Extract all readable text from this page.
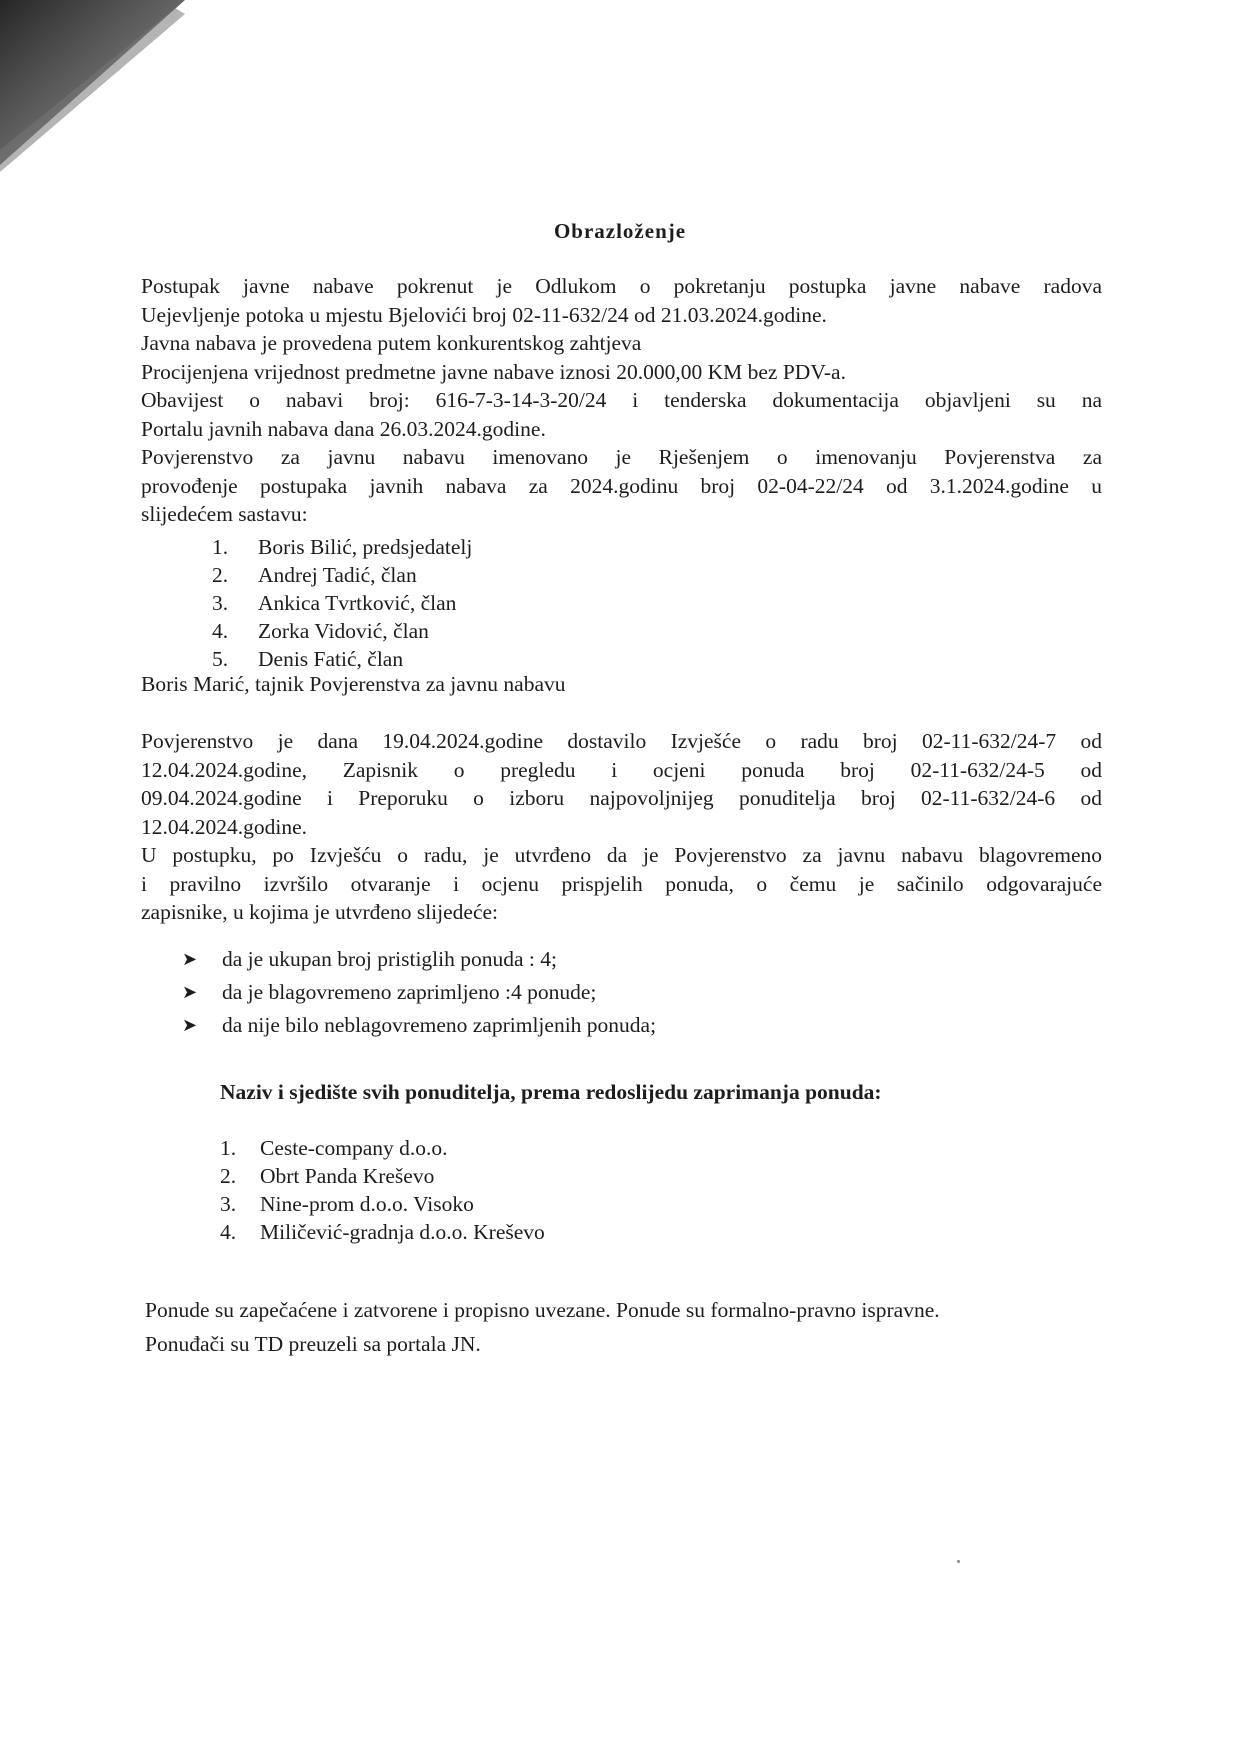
Obrazloženje
Postupak javne nabave pokrenut je Odlukom o pokretanju postupka javne nabave radova
Uejevljenje potoka u mjestu Bjelovići broj 02-11-632/24 od 21.03.2024.godine.
Javna nabava je provedena putem konkurentskog zahtjeva
Procijenjena vrijednost predmetne javne nabave iznosi 20.000,00 KM bez PDV-a.
Obavijest o nabavi broj: 616-7-3-14-3-20/24 i tenderska dokumentacija objavljeni su na
Portalu javnih nabava dana 26.03.2024.godine.
Povjerenstvo za javnu nabavu imenovano je Rješenjem o imenovanju Povjerenstva za
provođenje postupaka javnih nabava za 2024.godinu broj 02-04-22/24 od 3.1.2024.godine u
slijedećem sastavu:
1.	Boris Bilić, predsjedatelj
2.	Andrej Tadić, član
3.	Ankica Tvrtković, član
4.	Zorka Vidović, član
5.	Denis Fatić, član
Boris Marić, tajnik Povjerenstva za javnu nabavu
Povjerenstvo je dana 19.04.2024.godine dostavilo Izvješće o radu broj 02-11-632/24-7 od
12.04.2024.godine, Zapisnik o pregledu i ocjeni ponuda broj 02-11-632/24-5 od
09.04.2024.godine i Preporuku o izboru najpovoljnijeg ponuditelja broj 02-11-632/24-6 od
12.04.2024.godine.
U postupku, po Izvješću o radu, je utvrđeno da je Povjerenstvo za javnu nabavu blagovremeno
i pravilno izvršilo otvaranje i ocjenu prispjelih ponuda, o čemu je sačinilo odgovarajuće
zapisnike, u kojima je utvrđeno slijedeće:
➤	da je ukupan broj pristiglih ponuda : 4;
➤	da je blagovremeno zaprimljeno :4 ponude;
➤	da nije bilo neblagovremeno zaprimljenih ponuda;
Naziv i sjedište svih ponuditelja, prema redoslijedu zaprimanja ponuda:
1.	Ceste-company d.o.o.
2.	Obrt Panda Kreševo
3.	Nine-prom d.o.o. Visoko
4.	Miličević-gradnja d.o.o. Kreševo
Ponude su zapečaćene i zatvorene i propisno uvezane. Ponude su formalno-pravno ispravne.
Ponuđači su TD preuzeli sa portala JN.
